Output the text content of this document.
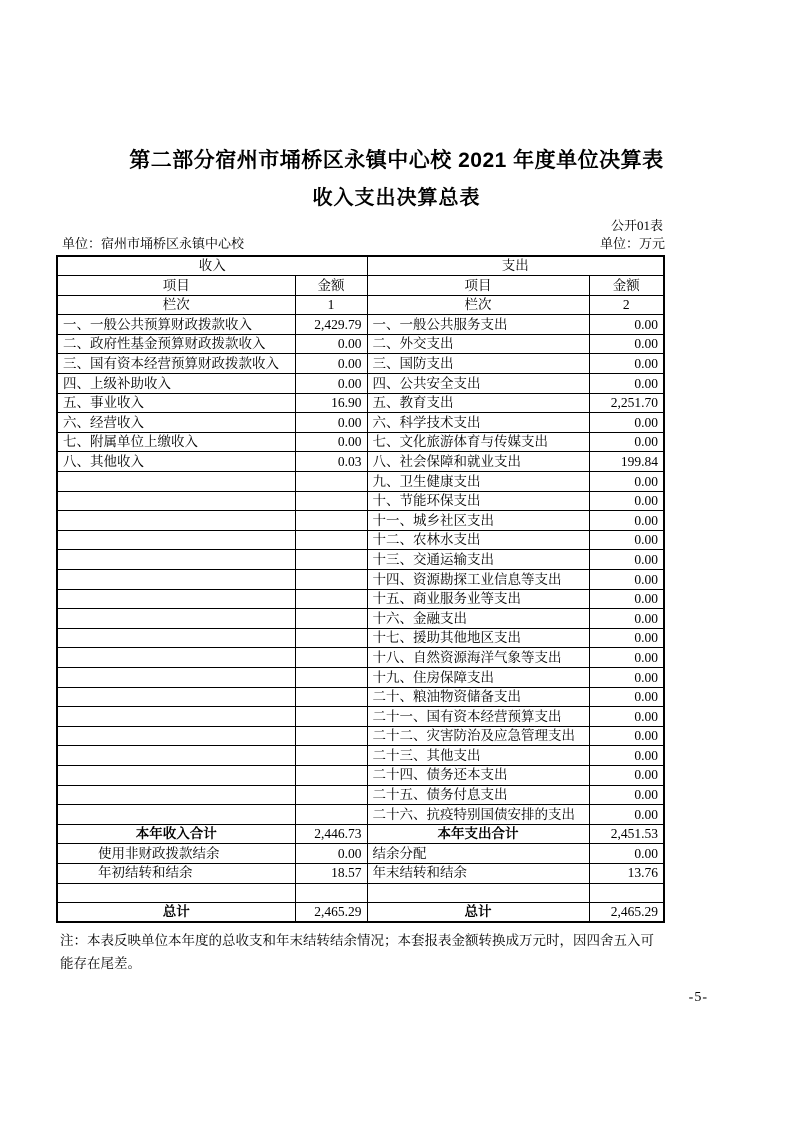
第二部分宿州市埇桥区永镇中心校 2021 年度单位决算表
收入支出决算总表
公开01表
单位：宿州市埇桥区永镇中心校	单位：万元
收入		支出	
项目	金额	项目	金额
栏次	1	栏次	2
一、一般公共预算财政拨款收入	2,429.79	一、一般公共服务支出	0.00
二、政府性基金预算财政拨款收入	0.00	二、外交支出	0.00
三、国有资本经营预算财政拨款收入	0.00	三、国防支出	0.00
四、上级补助收入	0.00	四、公共安全支出	0.00
五、事业收入	16.90	五、教育支出	2,251.70
六、经营收入	0.00	六、科学技术支出	0.00
七、附属单位上缴收入	0.00	七、文化旅游体育与传媒支出	0.00
八、其他收入	0.03	八、社会保障和就业支出	199.84
		九、卫生健康支出	0.00
		十、节能环保支出	0.00
		十一、城乡社区支出	0.00
		十二、农林水支出	0.00
		十三、交通运输支出	0.00
		十四、资源勘探工业信息等支出	0.00
		十五、商业服务业等支出	0.00
		十六、金融支出	0.00
		十七、援助其他地区支出	0.00
		十八、自然资源海洋气象等支出	0.00
		十九、住房保障支出	0.00
		二十、粮油物资储备支出	0.00
		二十一、国有资本经营预算支出	0.00
		二十二、灾害防治及应急管理支出	0.00
		二十三、其他支出	0.00
		二十四、债务还本支出	0.00
		二十五、债务付息支出	0.00
		二十六、抗疫特别国债安排的支出	0.00
本年收入合计	2,446.73	本年支出合计	2,451.53
使用非财政拨款结余	0.00	结余分配	0.00
年初结转和结余	18.57	年末结转和结余	13.76

总计	2,465.29	总计	2,465.29
注：本表反映单位本年度的总收支和年末结转结余情况；本套报表金额转换成万元时，因四舍五入可能存在尾差。
-5-
